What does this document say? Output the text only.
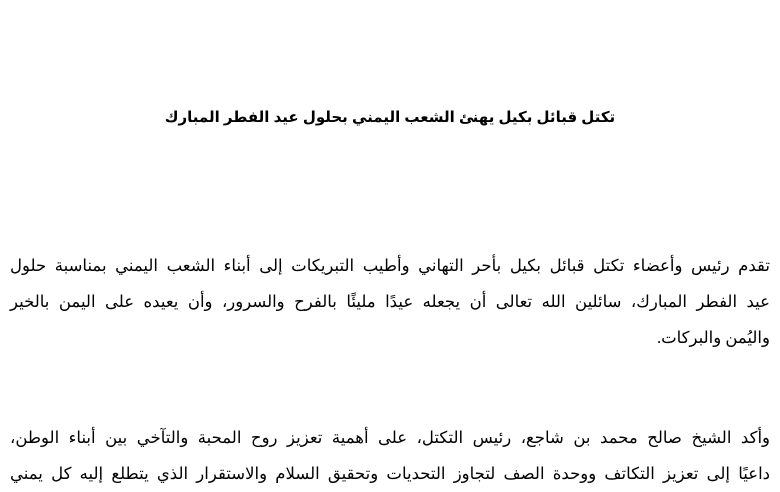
تكتل قبائل بكيل يهنئ الشعب اليمني بحلول عيد الفطر المبارك
تقدم رئيس وأعضاء تكتل قبائل بكيل بأحر التهاني وأطيب التبريكات إلى أبناء الشعب اليمني بمناسبة حلول
عيد الفطر المبارك، سائلين الله تعالى أن يجعله عيدًا مليئًا بالفرح والسرور، وأن يعيده على اليمن بالخير
واليُمن والبركات.
وأكد الشيخ صالح محمد بن شاجع، رئيس التكتل، على أهمية تعزيز روح المحبة والتآخي بين أبناء الوطن،
داعيًا إلى تعزيز التكاتف ووحدة الصف لتجاوز التحديات وتحقيق السلام والاستقرار الذي يتطلع إليه كل يمني
